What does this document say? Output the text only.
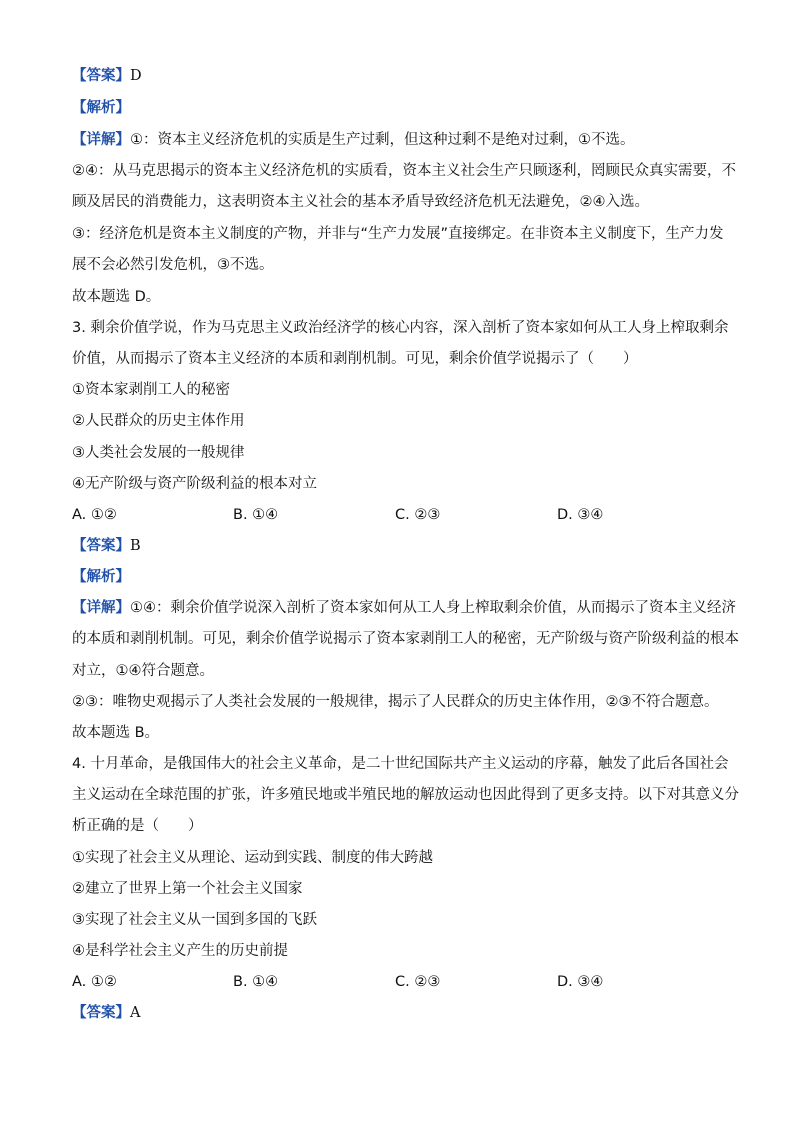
【答案】D
【解析】
【详解】①：资本主义经济危机的实质是生产过剩，但这种过剩不是绝对过剩，①不选。
②④：从马克思揭示的资本主义经济危机的实质看，资本主义社会生产只顾逐利，罔顾民众真实需要，不
顾及居民的消费能力，这表明资本主义社会的基本矛盾导致经济危机无法避免，②④入选。
③：经济危机是资本主义制度的产物，并非与“生产力发展”直接绑定。在非资本主义制度下，生产力发
展不会必然引发危机，③不选。
故本题选 D。
3. 剩余价值学说，作为马克思主义政治经济学的核心内容，深入剖析了资本家如何从工人身上榨取剩余
价值，从而揭示了资本主义经济的本质和剥削机制。可见，剩余价值学说揭示了（　　）
①资本家剥削工人的秘密
②人民群众的历史主体作用
③人类社会发展的一般规律
④无产阶级与资产阶级利益的根本对立
A. ①②	B. ①④	C. ②③	D. ③④
【答案】B
【解析】
【详解】①④：剩余价值学说深入剖析了资本家如何从工人身上榨取剩余价值，从而揭示了资本主义经济
的本质和剥削机制。可见，剩余价值学说揭示了资本家剥削工人的秘密，无产阶级与资产阶级利益的根本
对立，①④符合题意。
②③：唯物史观揭示了人类社会发展的一般规律，揭示了人民群众的历史主体作用，②③不符合题意。
故本题选 B。
4. 十月革命，是俄国伟大的社会主义革命，是二十世纪国际共产主义运动的序幕，触发了此后各国社会
主义运动在全球范围的扩张，许多殖民地或半殖民地的解放运动也因此得到了更多支持。以下对其意义分
析正确的是（　　）
①实现了社会主义从理论、运动到实践、制度的伟大跨越
②建立了世界上第一个社会主义国家
③实现了社会主义从一国到多国的飞跃
④是科学社会主义产生的历史前提
A. ①②	B. ①④	C. ②③	D. ③④
【答案】A
